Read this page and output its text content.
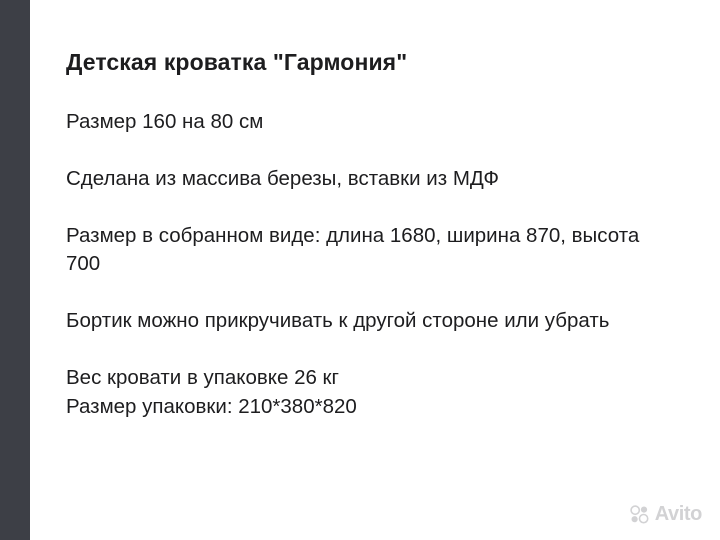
Детская кроватка "Гармония"

Размер 160 на 80 см

Сделана из массива березы, вставки из МДФ

Размер в собранном виде: длина 1680, ширина 870, высота 700

Бортик можно прикручивать к другой стороне или убрать

Вес кровати в упаковке 26 кг

Размер упаковки: 210*380*820

Avito
